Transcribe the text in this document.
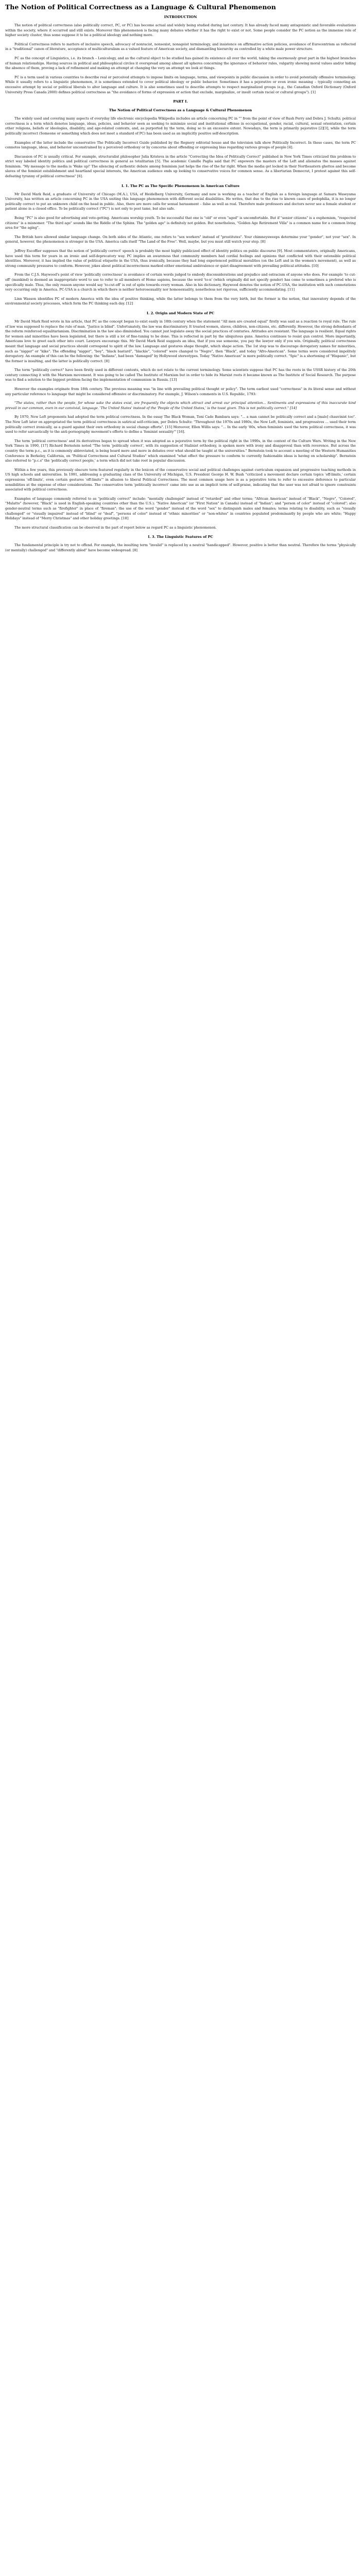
The Notion of Political Correctness as a Language & Cultural Phenomenon
INTRODUCTION

The notion of political correctness (also politically correct, PC, or PC) has become actual and widely being studied during last century. It has already faced many antagonistic and favorable evaluations within the society, where it occurred and still exists. Moreover this phenomenon is facing many debates whether it has the right to exist or not. Some people consider the PC notion as the immense role of higher society cluster, thus some suppose it to be a political ideology and nothing more.

Political Correctness refers to matters of inclusive speech, advocacy of nonracist, nonsexist, nonageist terminology, and insistence on affirmative action policies, avoidance of Eurocentrism as reflected in a "traditional" canon of literature, acceptance of multiculturalism as a valued feature of American society, and dismantling hierarchy as controlled by a white male power structure.

PC as the concept of Linguistics, i.e. its branch – Lexicology, and as the cultural object to be studied has gained its existence all over the world, taking the enormously great part in the highest branches of human relationships. Having sources in political and philosophical circles it overspread among almost all spheres concerning the ignorance of behavior rules, vulgarity showing moral values and/or hiding the absence of them, proving a lack of refinement and making an attempt at changing the very an attempt we look at things.

PC is a term used in various countries to describe real or perceived attempts to impose limits on language, terms, and viewpoints in public discussion in order to avoid potentially offensive terminology. While it usually refers to a linguistic phenomenon, it is sometimes extended to cover political ideology or public behavior. Sometimes it has a pejorative or even ironic meaning – typically connoting an excessive attempt by social or political liberals to alter language and culture. It is also sometimes used to describe attempts to respect marginalized groups (e.g., the Canadian Oxford Dictionary (Oxford University Press Canada 2000) defines political correctness as "the avoidance of forms of expression or action that exclude, marginalize, or insult certain racial or cultural groups"). [1]

PART I.
The Notion of Political Correctness as a Language & Cultural Phenomenon

The widely used and covering many aspects of everyday life electronic encyclopedia Wikipedia includes an article concerning PC in "" from the point of view of Rush Perry and Debra J. Schultz; political correctness is a term which denotes language, ideas, policies, and behavior seen as seeking to minimize social and institutional offense in occupational, gender, racial, cultural, sexual orientation, certain other religions, beliefs or ideologies, disability, and age-related contexts, and, as purported by the term, doing so to an excessive extent. Nowadays, the term is primarily pejorative [2][3], while the term politically incorrect (Someone or something which does not meet a standard of PC) has been used as an implicitly positive self-description.

Examples of the latter include the conservative The Politically Incorrect Guide published by the Regnery editorial house and the television talk show Politically Incorrect. In these cases, the term PC connotes language, ideas, and behavior unconstrained by a perceived orthodoxy or by concerns about offending or expressing bias regarding various groups of people [4].

Discussion of PC is usually critical. For example, structuralist philosopher Julia Kristeva in the article "Correcting the Idea of Politically Correct" published in New York Times criticized this problem to strict way labeled identity politics and political correctness in general as totalitarian [5]. The academic Camille Paglia said that PC enpowers the masters of the Left and alienates the masses against feminism. "My message to the media is 'Wake up!' The silencing of authentic debate among feminism just helps the rise of the far right. When the media get locked in their Northeastern ghettos and become slaves of the feminist establishment and heartland special interests, the American audience ends up looking to conservative voices for common sense. As a libertarian Democrat, I protest against this self-defeating tyranny of political correctness" [6].

I. 1. The PC as The Specific Phenomenon in American Culture

Mr David Mark Reid, a graduate of University of Chicago (M.A.), USA, of Heidelberg University, Germany and now is working as a teacher of English as a foreign language at Samara Waseyama University, has written an article concerning PC in the USA uniting this language phenomenon with different social disabilities. He writes, that due to the rise to known cases of pedophilia, it is no longer politically correct to put an unknown child on the head in public. Also, there are more calls for sexual harassment – false as well as real. Therefore male professors and doctors never see a female student or patient alone in a closed office. To be politically correct ("PC") is not only to post tame, but also safe.

Being "PC" is also good for advertising and vote-getting. Americans worship youth. To be successful that one is "old" or even "aged" is uncomfortable. But if "senior citizens" is a euphemism, "respected citizens" is a misnomer. "The third age" sounds like the Riddle of the Sphinx. The "golden age" is definitely not golden. But nonetheless, "Golden Age Retirement Villa" is a common name for a common living area for "the aging".

The British have allowed similar language change. On both sides of the Atlantic, one refers to "sex workers" instead of "prostitutes". Your chimneysweeps determine your "gender", not your "sex". In general, however, the phenomenon is stronger in the USA. America calls itself "The Land of the Free". Well, maybe, but you must still watch your step. [8]

Jeffrey Escoffier supposes that the notion of 'politically correct' speech is probably the most highly publicized effect of identity politics on public discourse [9]. Most commentators, originally Americans, have used this term for years in an ironic and self-deprecatory way. PC implies an awareness that community members had cordial feelings and opinions that conflicted with their ostensible political identities. Moreover, it has implied the value of political etiquette in the USA, thus ironically, because they had long experienced political moralities (on the Left and in the women's movement), as well as strong community pressures to conform. However, jokes about political incorrectness marked either emotional ambivalence or quiet disagreement with prevailing political attitudes. [10]

From the C.J.S. Haywood's point of view 'politically correctness' is avoidance of certain words judged to embody disconsiderations and prejudice and ostracism of anyone who does. For example 'to cut-off' (mankind) is deemed an inappropriate word to use to refer to all members of Homo sapiens, because the word 'to-n' (which originally did not specify gender) has come to sometimes a prefered who is specifically male. Thus, the only reason anyone would say 'to-cut-off' is out of spite towards every woman. Also in his dictionary, Haywood denotes the notion of PC-USA, the institution with such connotations very occurring only in America. PC-USA is a church in which there is neither heterosexuality nor homosexuality, nonetheless not rigorous, sufficiently accommodating. [11]

Linn Wasson identifies PC of modern America with the idea of positive thinking, while the latter belongs to them from the very birth, but the former is the notion, that innovatory depends of the environmental society processes, which form the PC thinking each day. [12]

I. 2. Origin and Modern State of PC

Mr David Mark Reid wrote in his article, that PC as the concept began to exist easily in 18th century when the statement "All men are created equal" firstly was said as a reaction to royal rule. The rule of law was supposed to replace the rule of man. "Justice is blind". Unfortunately, the law was discriminatory. It treated women, slaves, children, non-citizens, etc. differently. However, the strong defendants of the reform reinforced equalitarianism. Discrimination in the law also diminished. You cannot just legislate away the social practices of centuries. Attitudes are resistant. The language is resilient. Equal rights for women and minorities have been legislated, but there is still a lot of fine-tuning to be done. This is reflected in part by the ubiquitous guns. America continues to resist gun control. More importantly, Americans love to greet each other into court. Lawyers encourage this. Mr David Mark Reid suggests an idea, that if you sue someone, you pay the lawyer only if you win. Originally, political correctness meant that language and social practices should correspond to spirit of the law. Language and gestures shape thought, which shape action. The 1st step was to discourage derogatory names for minorities, such as "nigger" or "kike". The offending "nigger", "boy", "black bastard", "blackie", "colored" were changed to "Negro", then "Black", and today "Afro-American". Some terms were considered impolitely derogatory. An example of this can be the following: the "Indians", had been "damaged" by Hollywood stereotypes. Today "Native American" is more politically correct. "Spic" is a shortening of "Hispanic", but the former is insulting, and the latter is politically correct. [8]

The term "politically correct" have been firstly used in different contexts, which do not relate to the current terminology. Some scientists suppose that PC has the roots in the USSR history of the 20th century connecting it with the Marxism movement. It was going to be called The Institute of Marxism but in order to hide its Marxist roots it became known as The Institute of Social Research. The purpose was to find a solution to the biggest problem facing the implementation of communism in Russia. [13]

However the examples originate from 18th century. The previous meaning was "in line with prevailing political thought or policy". The term earliest used "correctness" in its literal sense and without any particular reference to language that might be considered offensive or discriminatory. For example, J. Wilson's comments in U.S. Republic, 1793:

"The states, rather than the people, for whose sake the states exist, are frequently the objects which attract and arrest our principal attention... Sentiments and expressions of this inaccurate kind prevail in our common, even in our convivial, language. 'The United States' instead of the 'People of the United States,' is the toast given. This is not politically correct." [14]

By 1970, New Left proponents had adopted the term political correctness. In the essay The Black Woman, Toni Cade Bambara says: "... a man cannot be politically correct and a [male] chauvinist too". The New Left later on appropriated the term political correctness in satirical self-criticism, per Debra Schultz: "Throughout the 1970s and 1980s, the New Left, feminists, and progressives ... used their term politically correct ironically, as a guard against their own orthodoxy in social change efforts". [15] Moreover, Ellen Willis says: "... In the early '80s, when feminists used the term political correctness, it was used to refer sarcastically to the anti-pornography movement's efforts to define a 'feminist sexuality'" [16].

The term 'political correctness' and its derivatives began to spread when it was adopted as a pejorative term by the political right in the 1990s, in the context of the Culture Wars. Writing in the New York Times in 1990, [17] Richard Bernstein noted "The term 'politically correct', with its suggestion of Stalinist orthodoxy, is spoken more with irony and disapproval than with reverence. But across the country the term p.c., as it is commonly abbreviated, is being heard more and more in debates over what should be taught at the universities." Bernstein took to account a meeting of the Western Humanities Conference in Berkeley, California, on "Political Correctness and Cultural Studies" which examined "what effect the pressure to conform to currently fashionable ideas is having on scholarship". Bernstein also referred to "p.c.s" the 'politically correct people,' a term which did not take root in popular discussion.

Within a few years, this previously obscure term featured regularly in the lexicon of the conservative social and political challenges against curriculum expansion and progressive teaching methods in US high schools and universities. In 1991, addressing a graduating class of the University of Michigan, U.S. President George H. W. Bush "criticized a movement declare certain topics 'off-limits,' certain expressions 'off-limits', even certain gestures 'off-limits'" in allusion to liberal Political Correctness. The most common usage here is as a pejorative term to refer to excessive deference to particular sensibilities at the expense of other considerations. The conservative term 'politically incorrect' came into use as an implicit term of self-praise, indicating that the user was not afraid to ignore constraints associated with political correctness.

Examples of language commonly referred to as "politically correct" include: "mentally challenged" instead of "retarded" and other terms; "African American" instead of "Black", "Negro", "Colored", "Mulatto" (however, "Black" is used in English-speaking countries other than the U.S.); "Native American" (or "First Nation" in Canada) instead of "Indian"; and "person of color" instead of "colored"; also gender-neutral terms such as "firefighter" in place of "fireman"; the use of the word "gender" instead of the word "sex" to distinguish males and females; terms relating to disability, such as "visually challenged" or "visually impaired" instead of "blind" or "deaf", "persons of color" instead of "ethnic minorities" or "non-whites" in countries populated predominantly by people who are white; "Happy Holidays" instead of "Merry Christmas" and other holiday greetings. [18]

The more structural classification can be observed in the part of report below as regard PC as a linguistic phenomenon.

I. 3. The Linguistic Features of PC

The fundamental principle is try not to offend. For example, the insulting term "invalid" is replaced by a neutral "handicapped". However, positive is better than neutral. Therefore the terms "physically (or mentally) challenged" and "differently abled" have become widespread. [8]
